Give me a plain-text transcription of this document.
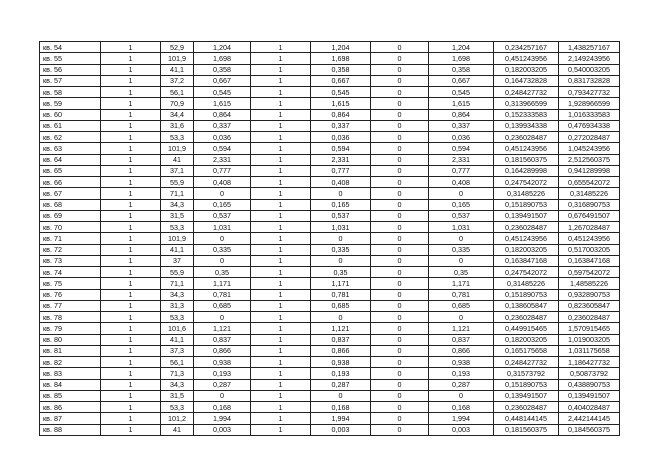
кв. 54	1	52,9	1,204	1	1,204	0	1,204	0,234257167	1,438257167
кв. 55	1	101,9	1,698	1	1,698	0	1,698	0,451243956	2,149243956
кв. 56	1	41,1	0,358	1	0,358	0	0,358	0,182003205	0,540003205
кв. 57	1	37,2	0,667	1	0,667	0	0,667	0,164732828	0,831732828
кв. 58	1	56,1	0,545	1	0,545	0	0,545	0,248427732	0,793427732
кв. 59	1	70,9	1,615	1	1,615	0	1,615	0,313966599	1,928966599
кв. 60	1	34,4	0,864	1	0,864	0	0,864	0,152333583	1,016333583
кв. 61	1	31,6	0,337	1	0,337	0	0,337	0,139934338	0,476934338
кв. 62	1	53,3	0,036	1	0,036	0	0,036	0,236028487	0,272028487
кв. 63	1	101,9	0,594	1	0,594	0	0,594	0,451243956	1,045243956
кв. 64	1	41	2,331	1	2,331	0	2,331	0,181560375	2,512560375
кв. 65	1	37,1	0,777	1	0,777	0	0,777	0,164289998	0,941289998
кв. 66	1	55,9	0,408	1	0,408	0	0,408	0,247542072	0,655542072
кв. 67	1	71,1	0	1	0	0	0	0,31485226	0,31485226
кв. 68	1	34,3	0,165	1	0,165	0	0,165	0,151890753	0,316890753
кв. 69	1	31,5	0,537	1	0,537	0	0,537	0,139491507	0,676491507
кв. 70	1	53,3	1,031	1	1,031	0	1,031	0,236028487	1,267028487
кв. 71	1	101,9	0	1	0	0	0	0,451243956	0,451243956
кв. 72	1	41,1	0,335	1	0,335	0	0,335	0,182003205	0,517003205
кв. 73	1	37	0	1	0	0	0	0,163847168	0,163847168
кв. 74	1	55,9	0,35	1	0,35	0	0,35	0,247542072	0,597542072
кв. 75	1	71,1	1,171	1	1,171	0	1,171	0,31485226	1,48585226
кв. 76	1	34,3	0,781	1	0,781	0	0,781	0,151890753	0,932890753
кв. 77	1	31,3	0,685	1	0,685	0	0,685	0,138605847	0,823605847
кв. 78	1	53,3	0	1	0	0	0	0,236028487	0,236028487
кв. 79	1	101,6	1,121	1	1,121	0	1,121	0,449915465	1,570915465
кв. 80	1	41,1	0,837	1	0,837	0	0,837	0,182003205	1,019003205
кв. 81	1	37,3	0,866	1	0,866	0	0,866	0,165175658	1,031175658
кв. 82	1	56,1	0,938	1	0,938	0	0,938	0,248427732	1,186427732
кв. 83	1	71,3	0,193	1	0,193	0	0,193	0,31573792	0,50873792
кв. 84	1	34,3	0,287	1	0,287	0	0,287	0,151890753	0,438890753
кв. 85	1	31,5	0	1	0	0	0	0,139491507	0,139491507
кв. 86	1	53,3	0,168	1	0,168	0	0,168	0,236028487	0,404028487
кв. 87	1	101,2	1,994	1	1,994	0	1,994	0,448144145	2,442144145
кв. 88	1	41	0,003	1	0,003	0	0,003	0,181560375	0,184560375
